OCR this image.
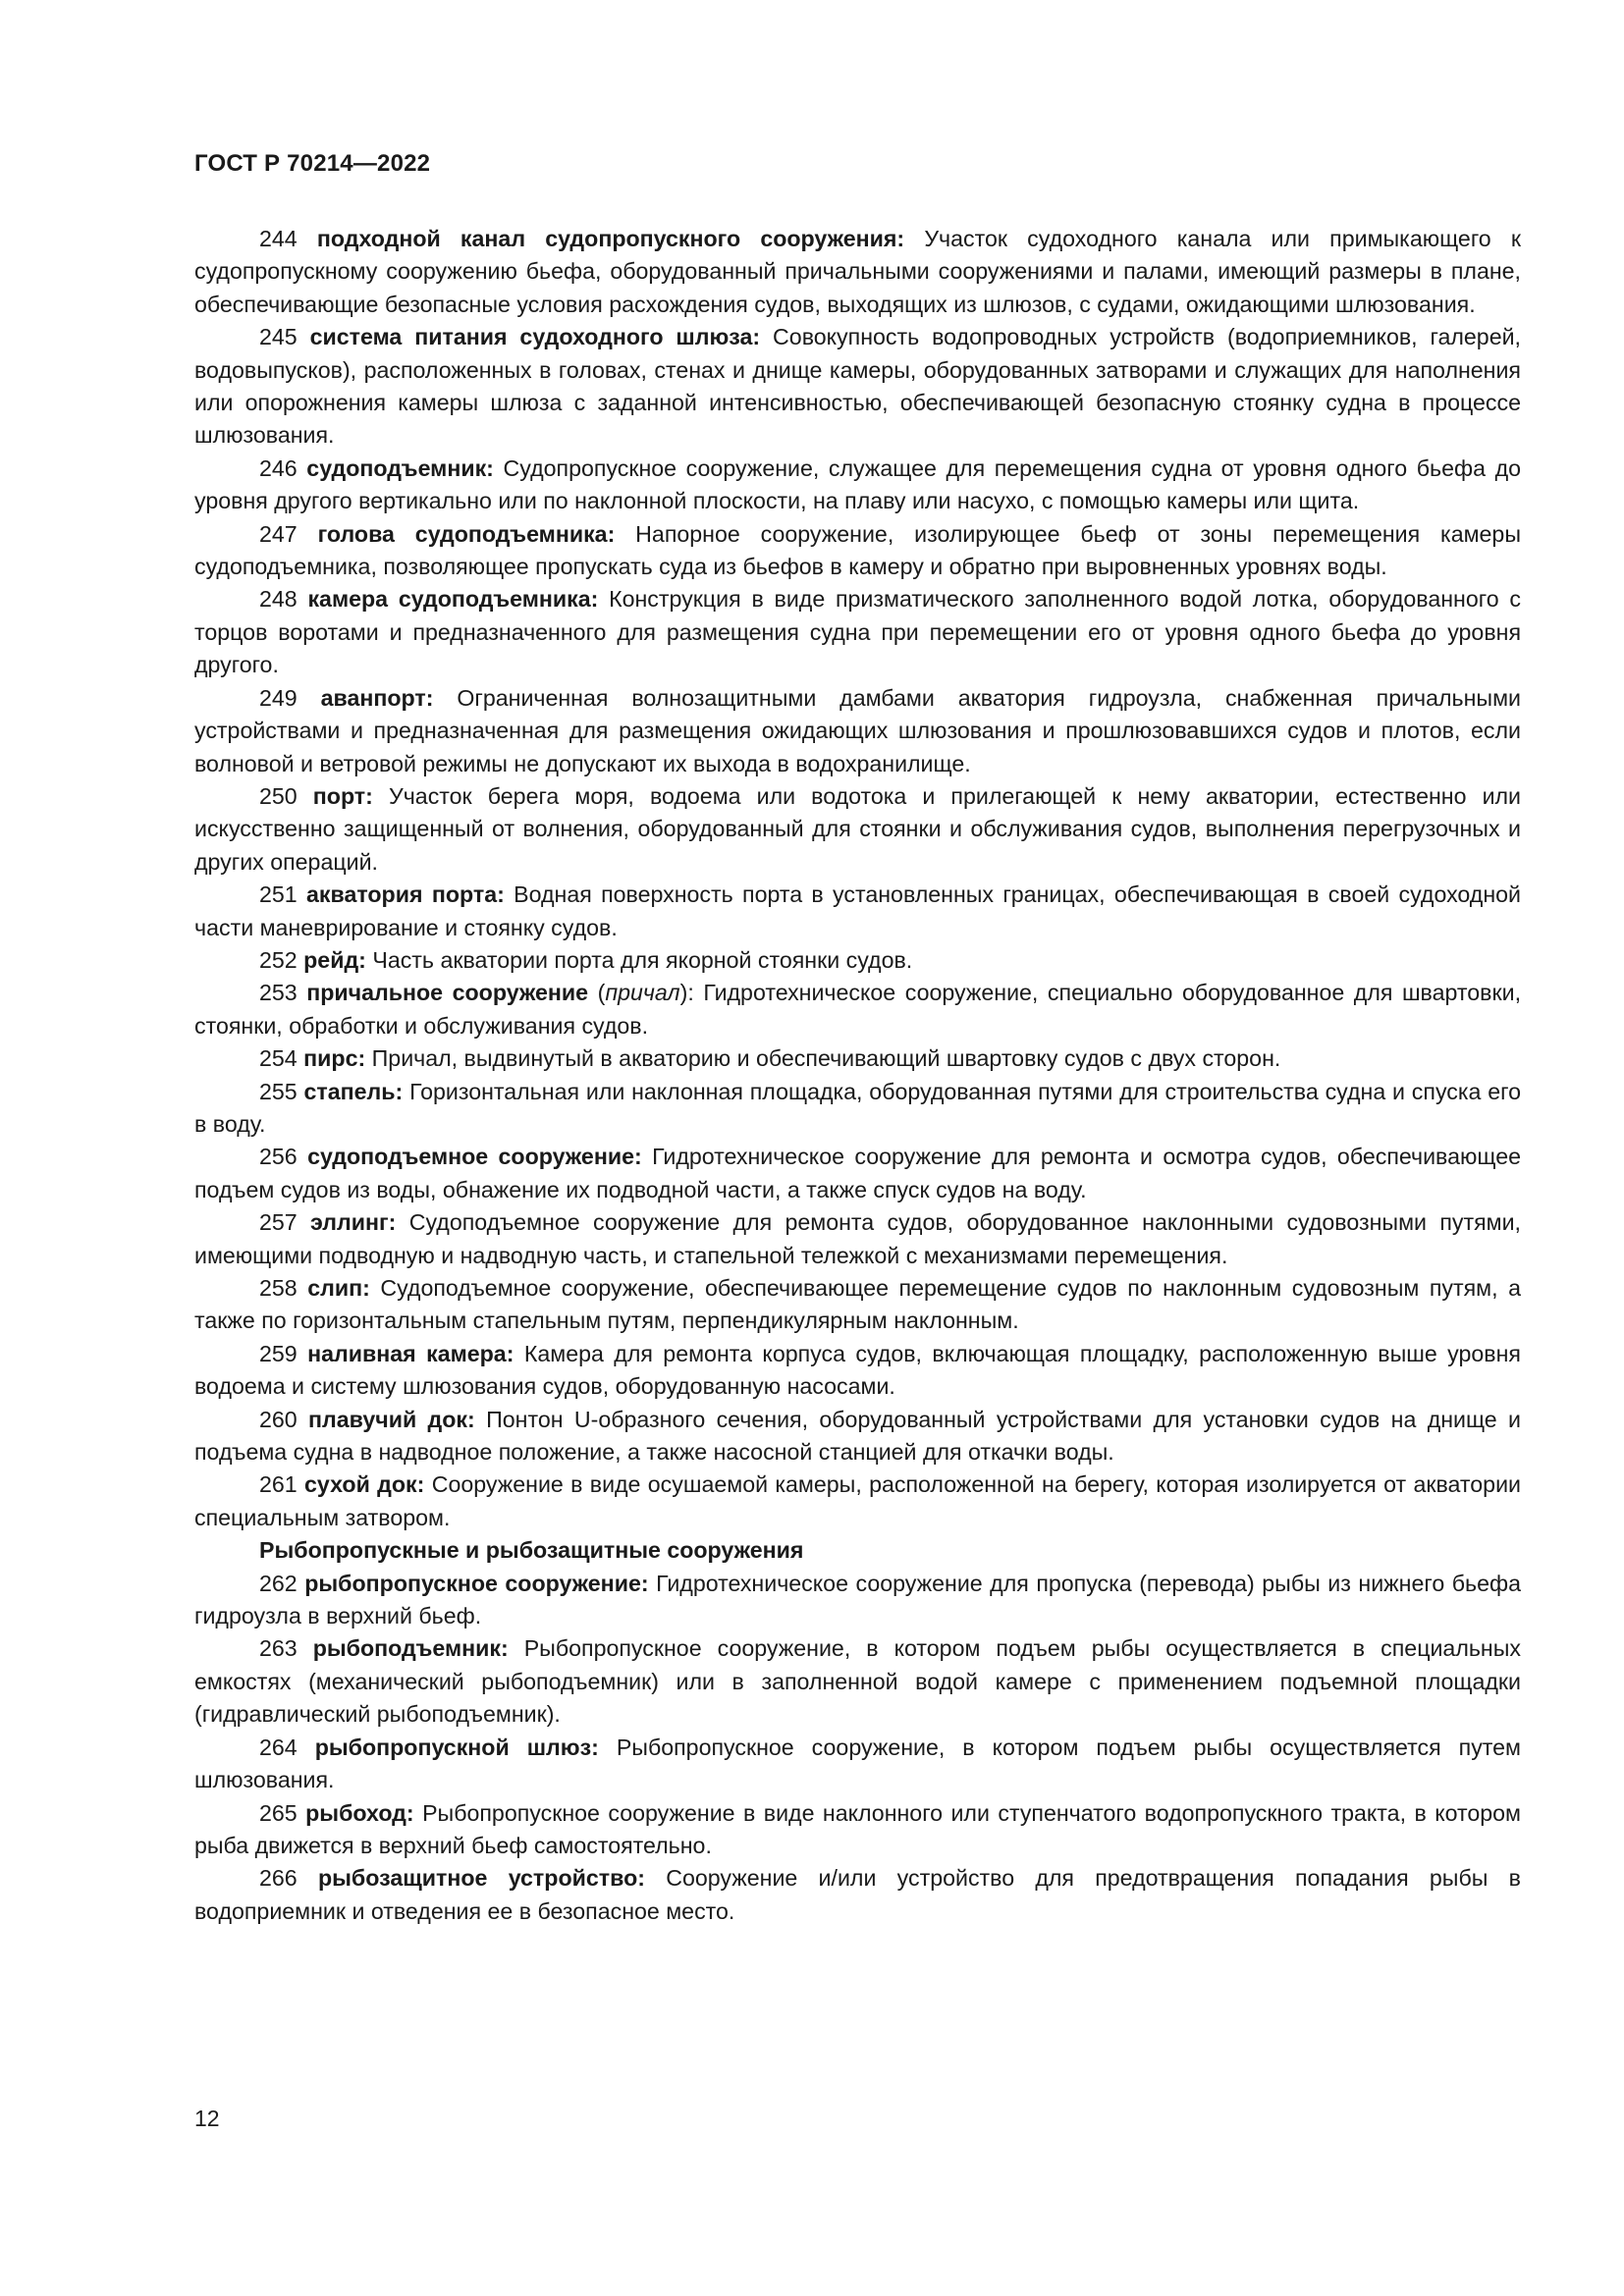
ГОСТ Р 70214—2022

244 подходной канал судопропускного сооружения: Участок судоходного канала или примыкающего к судопропускному сооружению бьефа, оборудованный причальными сооружениями и палами, имеющий размеры в плане, обеспечивающие безопасные условия расхождения судов, выходящих из шлюзов, с судами, ожидающими шлюзования.

245 система питания судоходного шлюза: Совокупность водопроводных устройств (водоприемников, галерей, водовыпусков), расположенных в головах, стенах и днище камеры, оборудованных затворами и служащих для наполнения или опорожнения камеры шлюза с заданной интенсивностью, обеспечивающей безопасную стоянку судна в процессе шлюзования.

246 судоподъемник: Судопропускное сооружение, служащее для перемещения судна от уровня одного бьефа до уровня другого вертикально или по наклонной плоскости, на плаву или насухо, с помощью камеры или щита.

247 голова судоподъемника: Напорное сооружение, изолирующее бьеф от зоны перемещения камеры судоподъемника, позволяющее пропускать суда из бьефов в камеру и обратно при выровненных уровнях воды.

248 камера судоподъемника: Конструкция в виде призматического заполненного водой лотка, оборудованного с торцов воротами и предназначенного для размещения судна при перемещении его от уровня одного бьефа до уровня другого.

249 аванпорт: Ограниченная волнозащитными дамбами акватория гидроузла, снабженная причальными устройствами и предназначенная для размещения ожидающих шлюзования и прошлюзовавшихся судов и плотов, если волновой и ветровой режимы не допускают их выхода в водохранилище.

250 порт: Участок берега моря, водоема или водотока и прилегающей к нему акватории, естественно или искусственно защищенный от волнения, оборудованный для стоянки и обслуживания судов, выполнения перегрузочных и других операций.

251 акватория порта: Водная поверхность порта в установленных границах, обеспечивающая в своей судоходной части маневрирование и стоянку судов.

252 рейд: Часть акватории порта для якорной стоянки судов.

253 причальное сооружение (причал): Гидротехническое сооружение, специально оборудованное для швартовки, стоянки, обработки и обслуживания судов.

254 пирс: Причал, выдвинутый в акваторию и обеспечивающий швартовку судов с двух сторон.

255 стапель: Горизонтальная или наклонная площадка, оборудованная путями для строительства судна и спуска его в воду.

256 судоподъемное сооружение: Гидротехническое сооружение для ремонта и осмотра судов, обеспечивающее подъем судов из воды, обнажение их подводной части, а также спуск судов на воду.

257 эллинг: Судоподъемное сооружение для ремонта судов, оборудованное наклонными судовозными путями, имеющими подводную и надводную часть, и стапельной тележкой с механизмами перемещения.

258 слип: Судоподъемное сооружение, обеспечивающее перемещение судов по наклонным судовозным путям, а также по горизонтальным стапельным путям, перпендикулярным наклонным.

259 наливная камера: Камера для ремонта корпуса судов, включающая площадку, расположенную выше уровня водоема и систему шлюзования судов, оборудованную насосами.

260 плавучий док: Понтон U-образного сечения, оборудованный устройствами для установки судов на днище и подъема судна в надводное положение, а также насосной станцией для откачки воды.

261 сухой док: Сооружение в виде осушаемой камеры, расположенной на берегу, которая изолируется от акватории специальным затвором.

Рыбопропускные и рыбозащитные сооружения

262 рыбопропускное сооружение: Гидротехническое сооружение для пропуска (перевода) рыбы из нижнего бьефа гидроузла в верхний бьеф.

263 рыбоподъемник: Рыбопропускное сооружение, в котором подъем рыбы осуществляется в специальных емкостях (механический рыбоподъемник) или в заполненной водой камере с применением подъемной площадки (гидравлический рыбоподъемник).

264 рыбопропускной шлюз: Рыбопропускное сооружение, в котором подъем рыбы осуществляется путем шлюзования.

265 рыбоход: Рыбопропускное сооружение в виде наклонного или ступенчатого водопропускного тракта, в котором рыба движется в верхний бьеф самостоятельно.

266 рыбозащитное устройство: Сооружение и/или устройство для предотвращения попадания рыбы в водоприемник и отведения ее в безопасное место.

12
